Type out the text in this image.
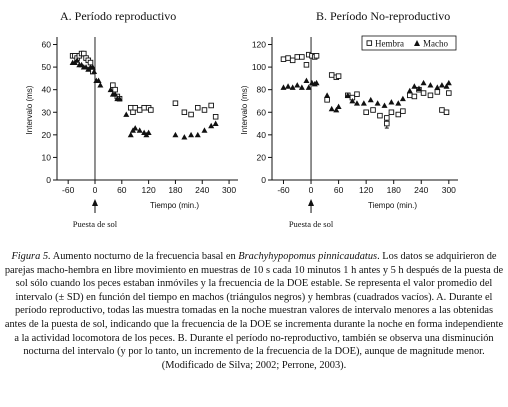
A. Período reproductivo
0
10
20
30
40
50
60
-60 0 60 120 180 240 300
Tiempo (min.)
Intervalo (ms)
Puesta de sol
B. Período No-reproductivo
0
20
40
60
80
100
120
-60 0 60 120 180 240 300
Tiempo (min.)
Intervalo (ms)
Puesta de sol
Hembra Macho
Figura 5. Aumento nocturno de la frecuencia basal en Brachyhypopomus pinnicaudatus. Los datos se adquirieron de parejas macho-hembra en libre movimiento en muestras de 10 s cada 10 minutos 1 h antes y 5 h después de la puesta de sol sólo cuando los peces estaban inmóviles y la frecuencia de la DOE estable. Se representa el valor promedio del intervalo (± SD) en función del tiempo en machos (triángulos negros) y hembras (cuadrados vacíos). A. Durante el período reproductivo, todas las muestra tomadas en la noche muestran valores de intervalo menores a las obtenidas antes de la puesta de sol, indicando que la frecuencia de la DOE se incrementa durante la noche en forma independiente a la actividad locomotora de los peces. B. Durante el período no-reproductivo, también se observa una disminución nocturna del intervalo (y por lo tanto, un incremento de la frecuencia de la DOE), aunque de magnitude menor. (Modificado de Silva; 2002; Perrone, 2003).
